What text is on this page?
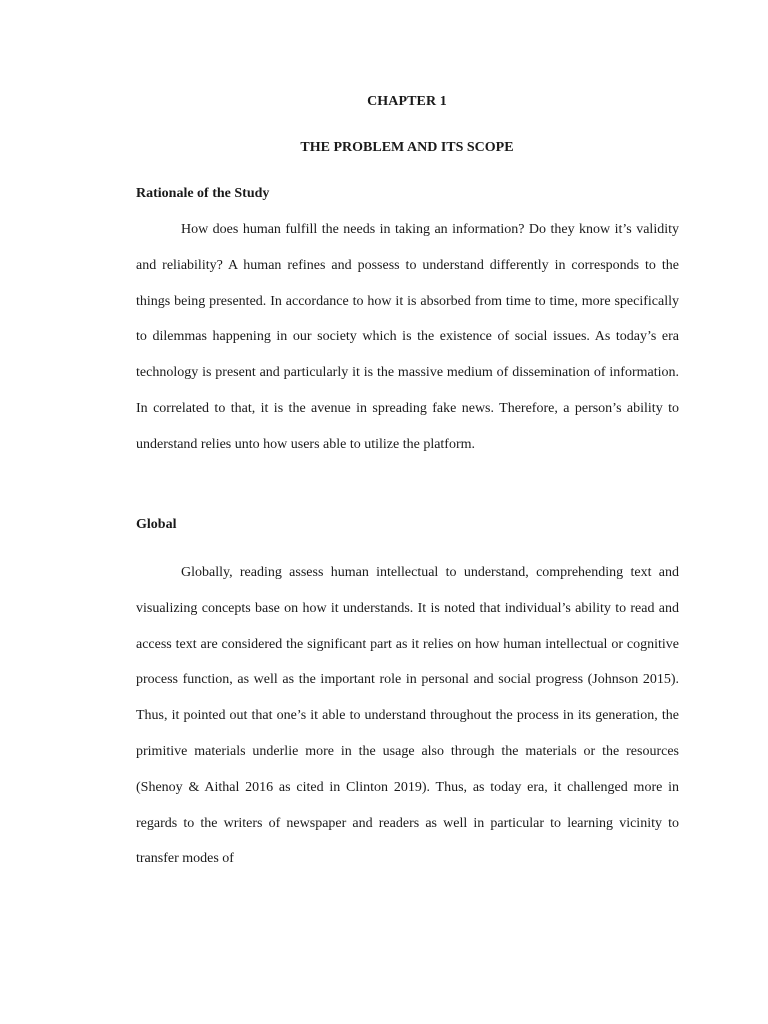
CHAPTER 1
THE PROBLEM AND ITS SCOPE
Rationale of the Study

How does human fulfill the needs in taking an information? Do they know it’s validity and reliability? A human refines and possess to understand differently in corresponds to the things being presented. In accordance to how it is absorbed from time to time, more specifically to dilemmas happening in our society which is the existence of social issues. As today’s era technology is present and particularly it is the massive medium of dissemination of information. In correlated to that, it is the avenue in spreading fake news. Therefore, a person’s ability to understand relies unto how users able to utilize the platform.

Global

Globally, reading assess human intellectual to understand, comprehending text and visualizing concepts base on how it understands. It is noted that individual’s ability to read and access text are considered the significant part as it relies on how human intellectual or cognitive process function, as well as the important role in personal and social progress (Johnson 2015). Thus, it pointed out that one’s it able to understand throughout the process in its generation, the primitive materials underlie more in the usage also through the materials or the resources (Shenoy & Aithal 2016 as cited in Clinton 2019). Thus, as today era, it challenged more in regards to the writers of newspaper and readers as well in particular to learning vicinity to transfer modes of
